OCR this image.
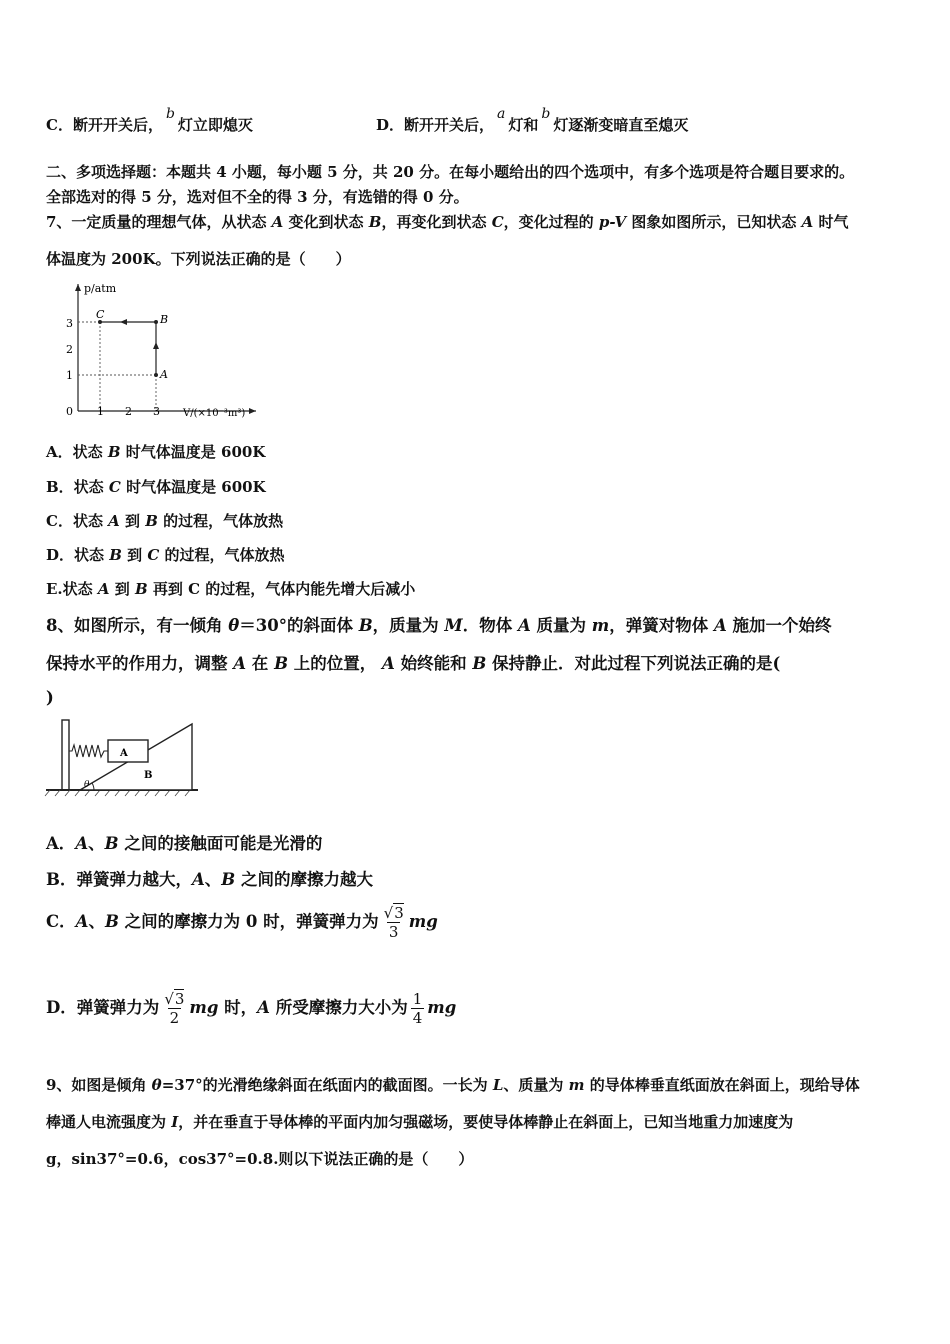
C．断开开关后，b灯立即熄灭	D．断开开关后，a灯和b灯逐渐变暗直至熄灭
二、多项选择题：本题共 4 小题，每小题 5 分，共 20 分。在每小题给出的四个选项中，有多个选项是符合题目要求的。
全部选对的得 5 分，选对但不全的得 3 分，有选错的得 0 分。
7、一定质量的理想气体，从状态 A 变化到状态 B，再变化到状态 C，变化过程的 p-V 图象如图所示，已知状态 A 时气
体温度为 200K。下列说法正确的是（　　）
p/atm
V/(×10⁻³m³)
0
1
2
3
1 2 3
A
B
C
A．状态 B 时气体温度是 600K
B．状态 C 时气体温度是 600K
C．状态 A 到 B 的过程，气体放热
D．状态 B 到 C 的过程，气体放热
E.状态 A 到 B 再到 C 的过程，气体内能先增大后减小
8、如图所示，有一倾角 θ＝30°的斜面体 B，质量为 M．物体 A 质量为 m，弹簧对物体 A 施加一个始终
保持水平的作用力，调整 A 在 B 上的位置， A 始终能和 B 保持静止．对此过程下列说法正确的是(
)
A
B
θ
A．A、B 之间的接触面可能是光滑的
B．弹簧弹力越大，A、B 之间的摩擦力越大
C．A、B 之间的摩擦力为 0 时，弹簧弹力为 $\frac{√3}{3}$ mg
D．弹簧弹力为 $\frac{√3}{2}$ mg 时，A 所受摩擦力大小为 $\frac{1}{4}$ mg
9、如图是倾角 θ=37°的光滑绝缘斜面在纸面内的截面图。一长为 L、质量为 m 的导体棒垂直纸面放在斜面上，现给导体
棒通人电流强度为 I，并在垂直于导体棒的平面内加匀强磁场，要使导体棒静止在斜面上，已知当地重力加速度为
g，sin37°=0.6，cos37°=0.8.则以下说法正确的是（　　）
